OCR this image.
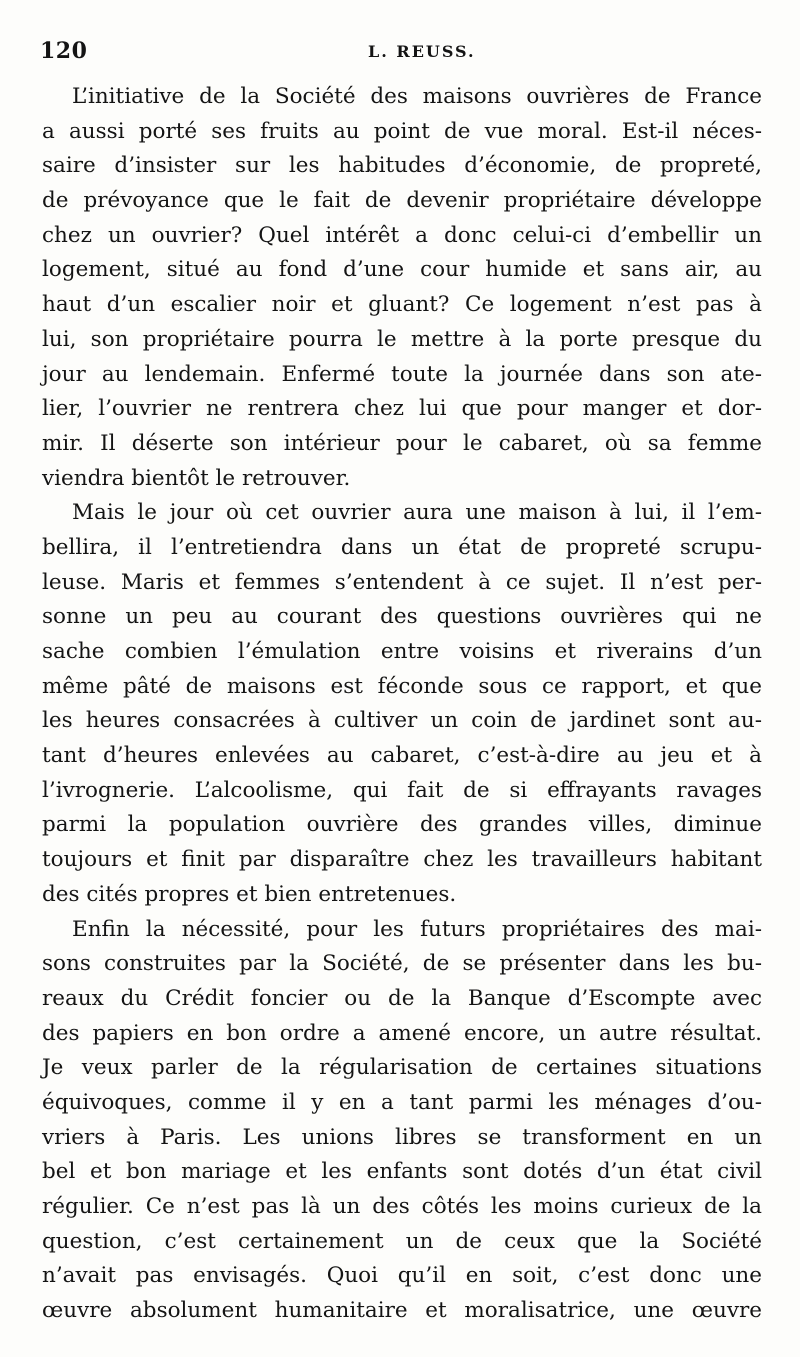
120	L. REUSS.
L’initiative de la Société des maisons ouvrières de France
a aussi porté ses fruits au point de vue moral. Est-il néces-
saire d’insister sur les habitudes d’économie, de propreté,
de prévoyance que le fait de devenir propriétaire développe
chez un ouvrier? Quel intérêt a donc celui-ci d’embellir un
logement, situé au fond d’une cour humide et sans air, au
haut d’un escalier noir et gluant? Ce logement n’est pas à
lui, son propriétaire pourra le mettre à la porte presque du
jour au lendemain. Enfermé toute la journée dans son ate-
lier, l’ouvrier ne rentrera chez lui que pour manger et dor-
mir. Il déserte son intérieur pour le cabaret, où sa femme
viendra bientôt le retrouver.
Mais le jour où cet ouvrier aura une maison à lui, il l’em-
bellira, il l’entretiendra dans un état de propreté scrupu-
leuse. Maris et femmes s’entendent à ce sujet. Il n’est per-
sonne un peu au courant des questions ouvrières qui ne
sache combien l’émulation entre voisins et riverains d’un
même pâté de maisons est féconde sous ce rapport, et que
les heures consacrées à cultiver un coin de jardinet sont au-
tant d’heures enlevées au cabaret, c’est-à-dire au jeu et à
l’ivrognerie. L’alcoolisme, qui fait de si effrayants ravages
parmi la population ouvrière des grandes villes, diminue
toujours et finit par disparaître chez les travailleurs habitant
des cités propres et bien entretenues.
Enfin la nécessité, pour les futurs propriétaires des mai-
sons construites par la Société, de se présenter dans les bu-
reaux du Crédit foncier ou de la Banque d’Escompte avec
des papiers en bon ordre a amené encore, un autre résultat.
Je veux parler de la régularisation de certaines situations
équivoques, comme il y en a tant parmi les ménages d’ou-
vriers à Paris. Les unions libres se transforment en un
bel et bon mariage et les enfants sont dotés d’un état civil
régulier. Ce n’est pas là un des côtés les moins curieux de la
question, c’est certainement un de ceux que la Société
n’avait pas envisagés. Quoi qu’il en soit, c’est donc une
œuvre absolument humanitaire et moralisatrice, une œuvre
